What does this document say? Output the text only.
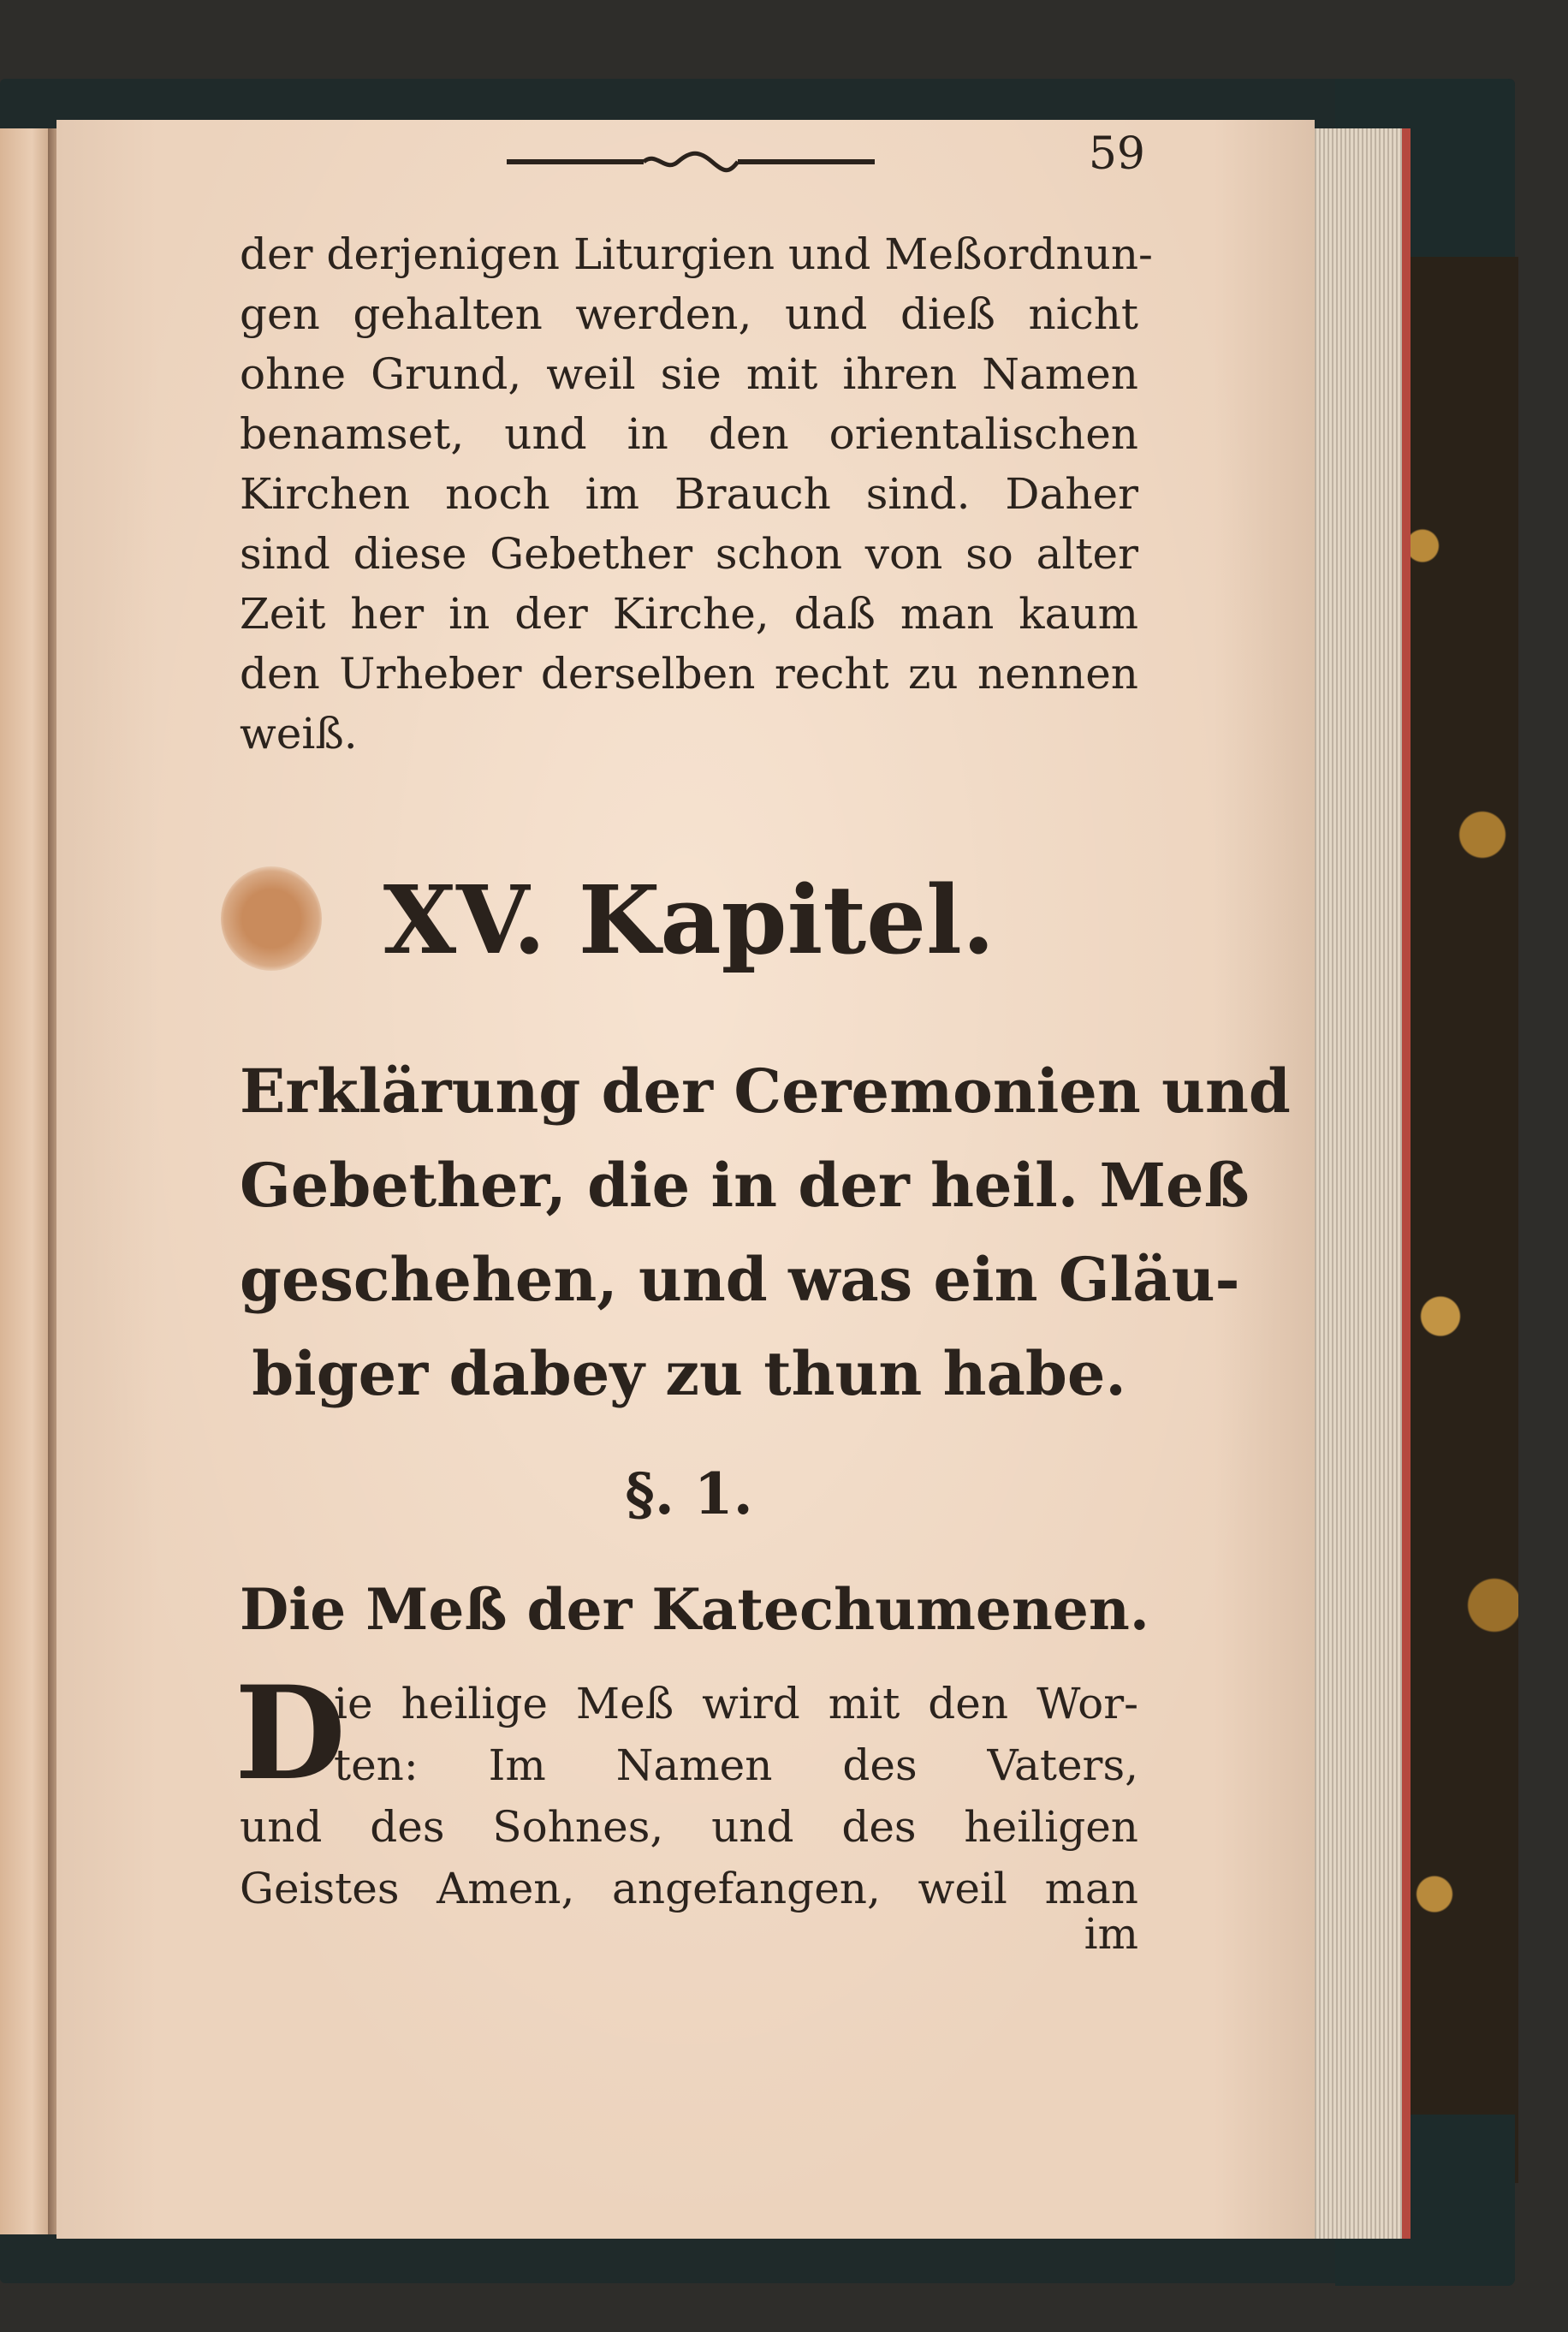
59

der derjenigen Liturgien und Meßordnun-

gen gehalten werden, und dieß nicht

ohne Grund, weil sie mit ihren Namen

benamset, und in den orientalischen

Kirchen noch im Brauch sind. Daher

sind diese Gebether schon von so alter

Zeit her in der Kirche, daß man kaum

den Urheber derselben recht zu nennen

weiß.

XV. Kapitel.

Erklärung der Ceremonien und

Gebether, die in der heil. Meß

geschehen, und was ein Gläu-

biger dabey zu thun habe.

§. 1.
Die Meß der Katechumenen.
D

ie heilige Meß wird mit den Wor-

ten: Im Namen des Vaters,

und des Sohnes, und des heiligen

Geistes Amen, angefangen, weil man

im
